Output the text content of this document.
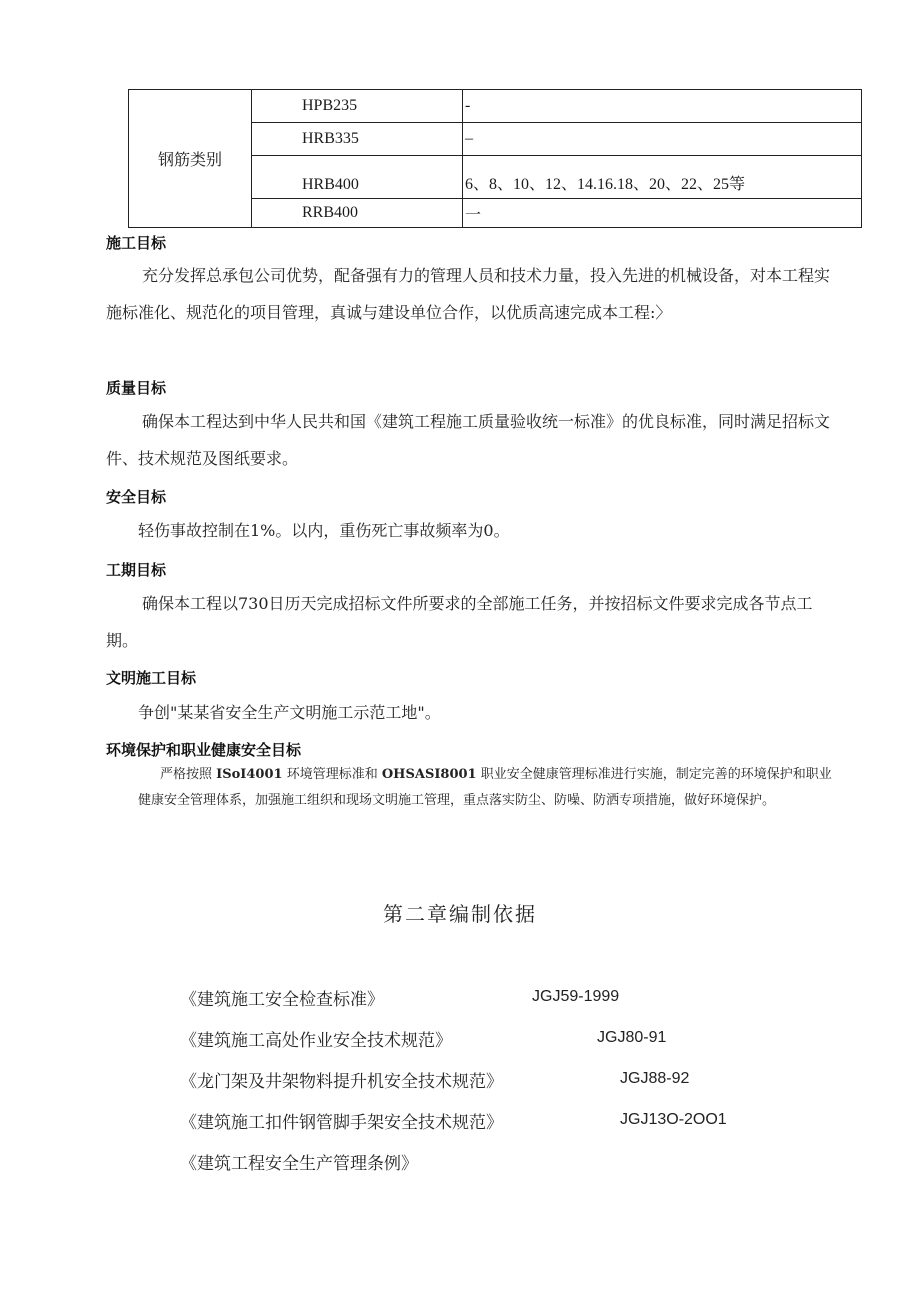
钢筋类别	HPB235	-
	HRB335	–
	HRB400	6、8、10、12、14.16.18、20、22、25等
	RRB400	一
施工目标
充分发挥总承包公司优势，配备强有力的管理人员和技术力量，投入先进的机械设备，对本工程实施标准化、规范化的项目管理，真诚与建设单位合作，以优质高速完成本工程:〉
质量目标
确保本工程达到中华人民共和国《建筑工程施工质量验收统一标准》的优良标准，同时满足招标文件、技术规范及图纸要求。
安全目标
轻伤事故控制在1%。以内，重伤死亡事故频率为0。
工期目标
确保本工程以730日历天完成招标文件所要求的全部施工任务，并按招标文件要求完成各节点工期。
文明施工目标
争创"某某省安全生产文明施工示范工地"。
环境保护和职业健康安全目标
严格按照 ISoI4001 环境管理标准和 OHSASI8001 职业安全健康管理标准进行实施，制定完善的环境保护和职业健康安全管理体系，加强施工组织和现场文明施工管理，重点落实防尘、防噪、防洒专项措施，做好环境保护。
第二章编制依据
《建筑施工安全检查标准》	JGJ59-1999
《建筑施工高处作业安全技术规范》	JGJ80-91
《龙门架及井架物料提升机安全技术规范》	JGJ88-92
《建筑施工扣件钢管脚手架安全技术规范》	JGJ13O-2OO1
《建筑工程安全生产管理条例》
